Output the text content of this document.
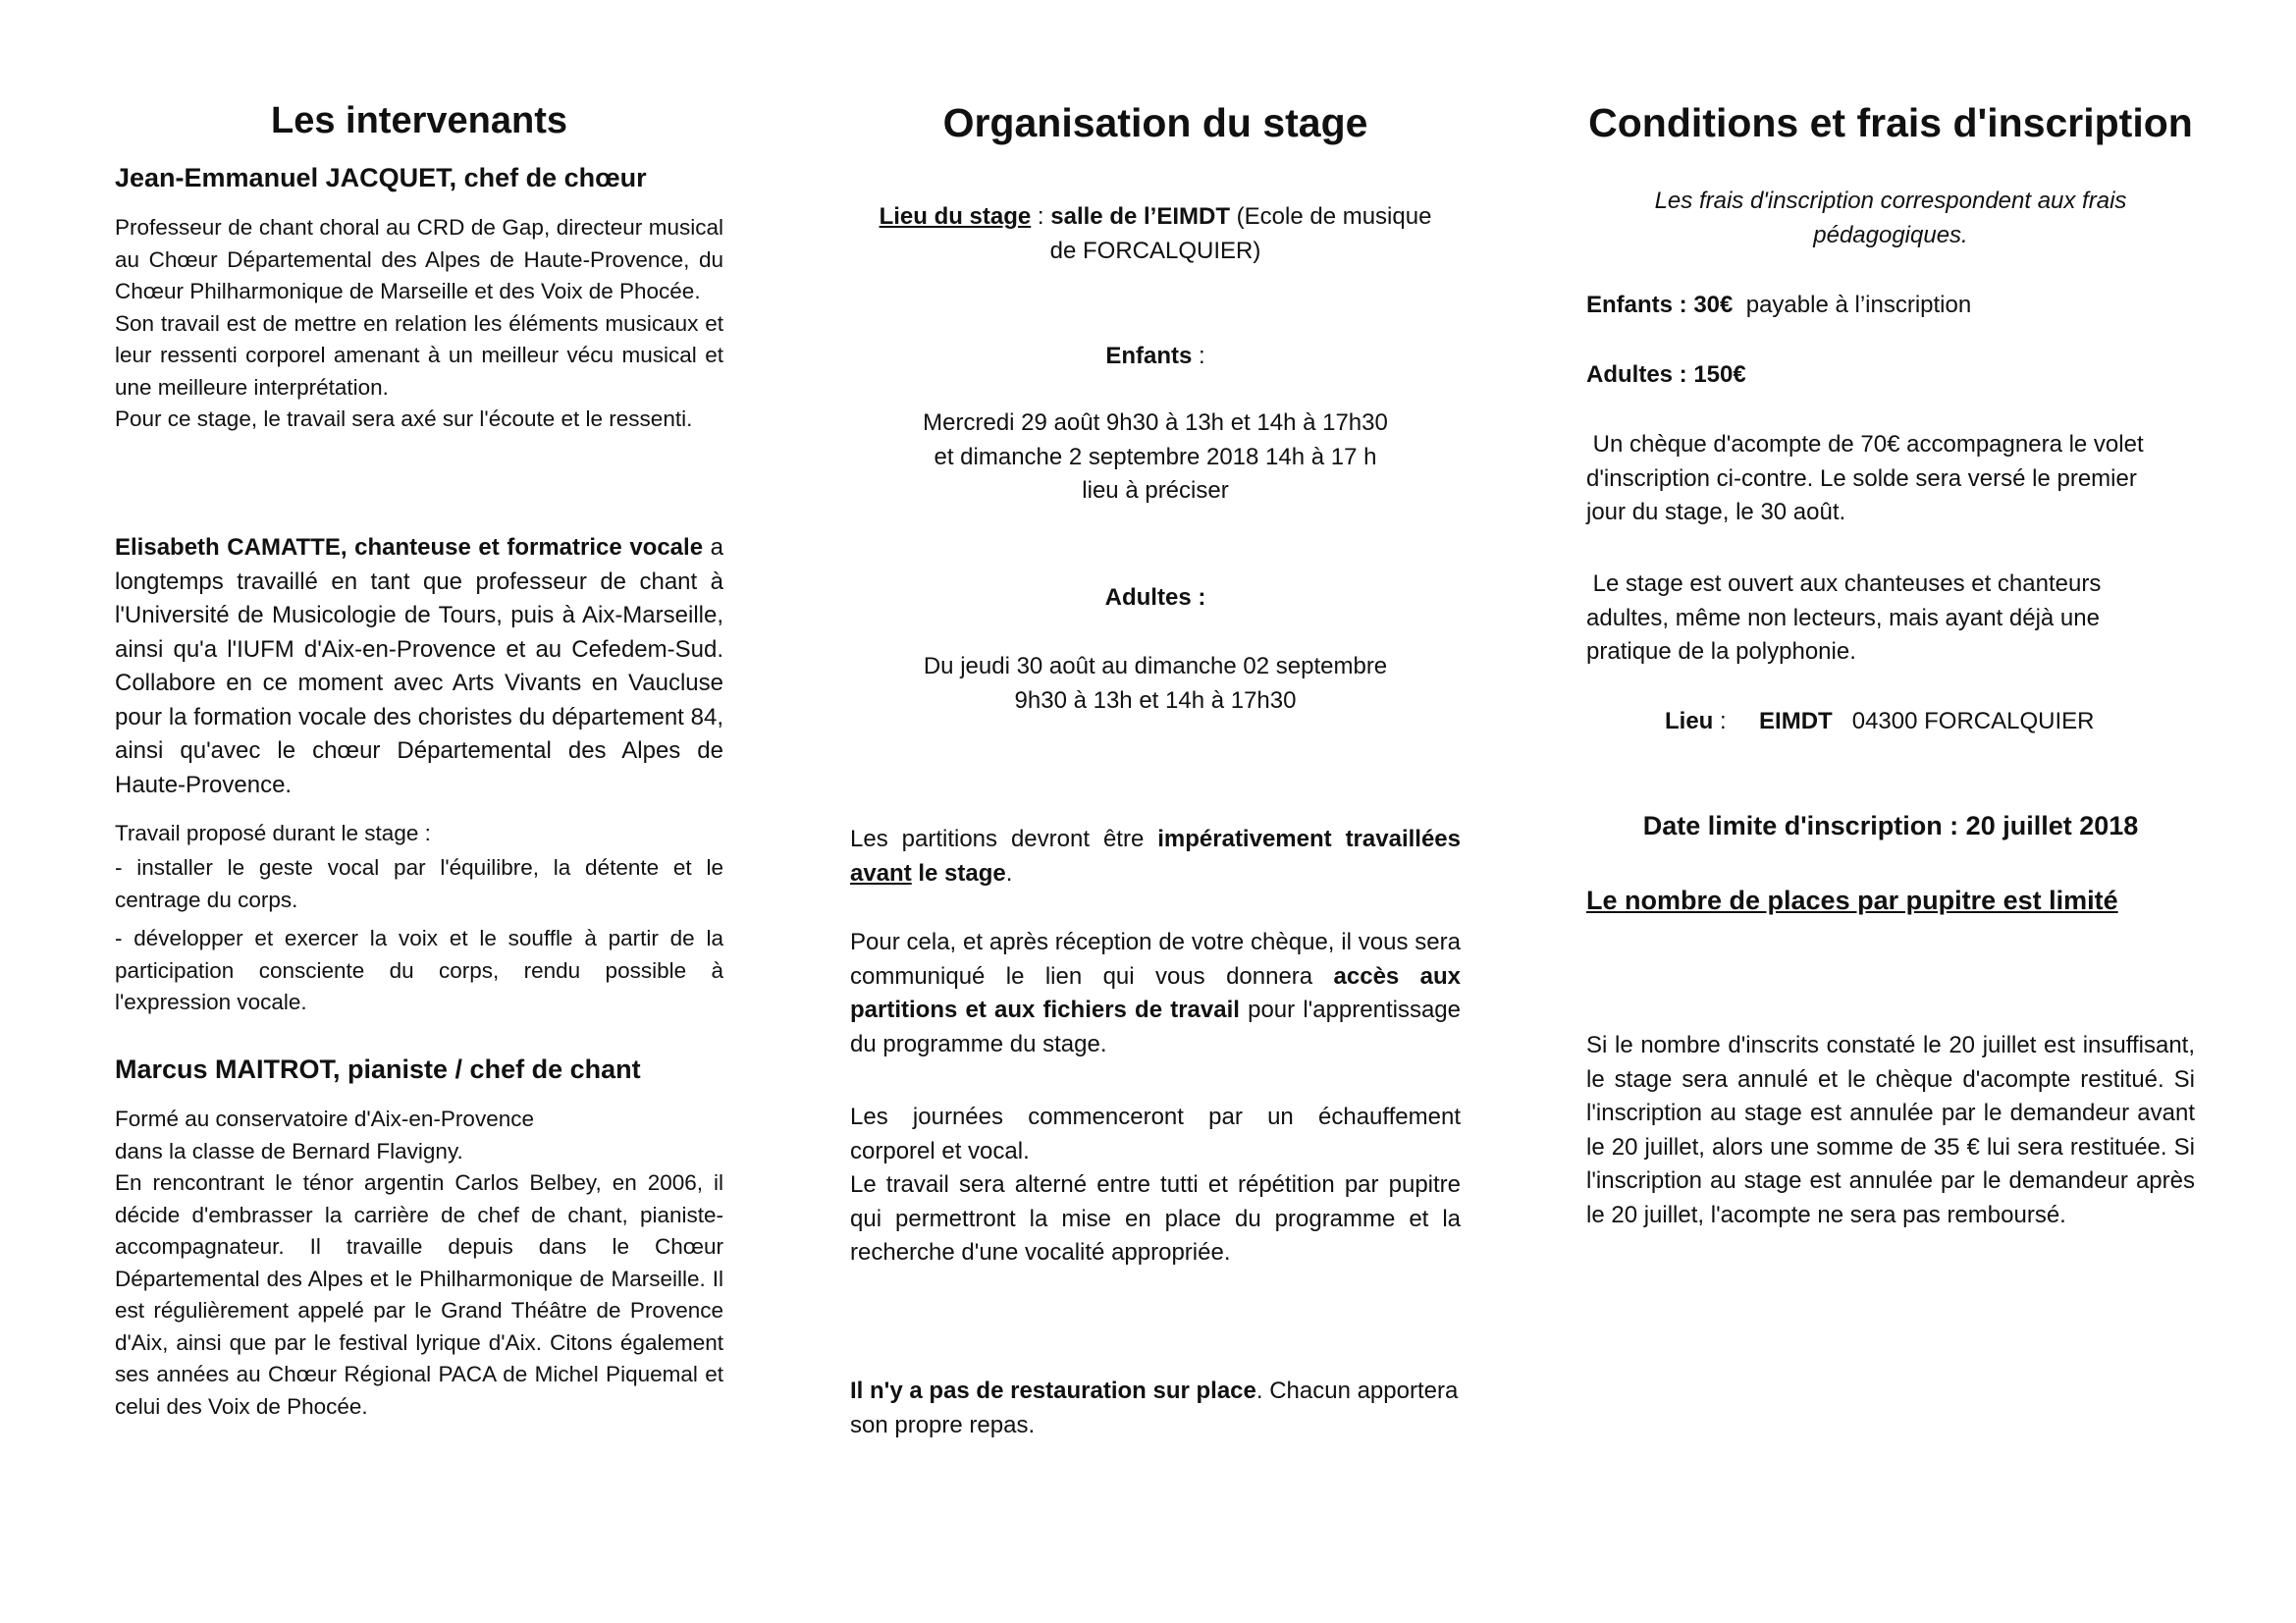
Les intervenants
Jean-Emmanuel JACQUET, chef de chœur
Professeur de chant choral au CRD de Gap, directeur musical au Chœur Départemental des Alpes de Haute-Provence, du Chœur Philharmonique de Marseille et des Voix de Phocée.
Son travail est de mettre en relation les éléments musicaux et leur ressenti corporel amenant à un meilleur vécu musical et une meilleure interprétation.
Pour ce stage, le travail sera axé sur l'écoute et le ressenti.
Elisabeth CAMATTE, chanteuse et formatrice vocale a longtemps travaillé en tant que professeur de chant à l'Université de Musicologie de Tours, puis à Aix-Marseille, ainsi qu'a l'IUFM d'Aix-en-Provence et au Cefedem-Sud. Collabore en ce moment avec Arts Vivants en Vaucluse pour la formation vocale des choristes du département 84, ainsi qu'avec le chœur Départemental des Alpes de Haute-Provence.
Travail proposé durant le stage :
- installer le geste vocal par l'équilibre, la détente et le centrage du corps.
- développer et exercer la voix et le souffle à partir de la participation consciente du corps, rendu possible à l'expression vocale.
Marcus MAITROT, pianiste / chef de chant
Formé au conservatoire d'Aix-en-Provence
dans la classe de Bernard Flavigny.
En rencontrant le ténor argentin Carlos Belbey, en 2006, il décide d'embrasser la carrière de chef de chant, pianiste- accompagnateur. Il travaille depuis dans le Chœur Départemental des Alpes et le Philharmonique de Marseille. Il est régulièrement appelé par le Grand Théâtre de Provence d'Aix, ainsi que par le festival lyrique d'Aix. Citons également ses années au Chœur Régional PACA de Michel Piquemal et celui des Voix de Phocée.
Organisation du stage
Lieu du stage : salle de l’EIMDT (Ecole de musique
de FORCALQUIER)
Enfants :
Mercredi 29 août 9h30 à 13h et 14h à 17h30
et dimanche 2 septembre 2018 14h à 17 h
lieu à préciser
Adultes :
Du jeudi 30 août au dimanche 02 septembre
9h30 à 13h et 14h à 17h30
Les partitions devront être impérativement travaillées avant le stage.
Pour cela, et après réception de votre chèque, il vous sera communiqué le lien qui vous donnera accès aux partitions et aux fichiers de travail pour l'apprentissage du programme du stage.
Les journées commenceront par un échauffement corporel et vocal.
Le travail sera alterné entre tutti et répétition par pupitre qui permettront la mise en place du programme et la recherche d'une vocalité appropriée.
Il n'y a pas de restauration sur place. Chacun apportera son propre repas.
Conditions et frais d'inscription
Les frais d'inscription correspondent aux frais
pédagogiques.
Enfants : 30€ payable à l’inscription
Adultes : 150€
Un chèque d'acompte de 70€ accompagnera le volet
d'inscription ci-contre. Le solde sera versé le premier
jour du stage, le 30 août.
Le stage est ouvert aux chanteuses et chanteurs
adultes, même non lecteurs, mais ayant déjà une
pratique de la polyphonie.
Lieu : EIMDT 04300 FORCALQUIER
Date limite d'inscription : 20 juillet 2018
Le nombre de places par pupitre est limité
Si le nombre d'inscrits constaté le 20 juillet est insuffisant, le stage sera annulé et le chèque d'acompte restitué. Si l'inscription au stage est annulée par le demandeur avant le 20 juillet, alors une somme de 35 € lui sera restituée. Si l'inscription au stage est annulée par le demandeur après le 20 juillet, l'acompte ne sera pas remboursé.
